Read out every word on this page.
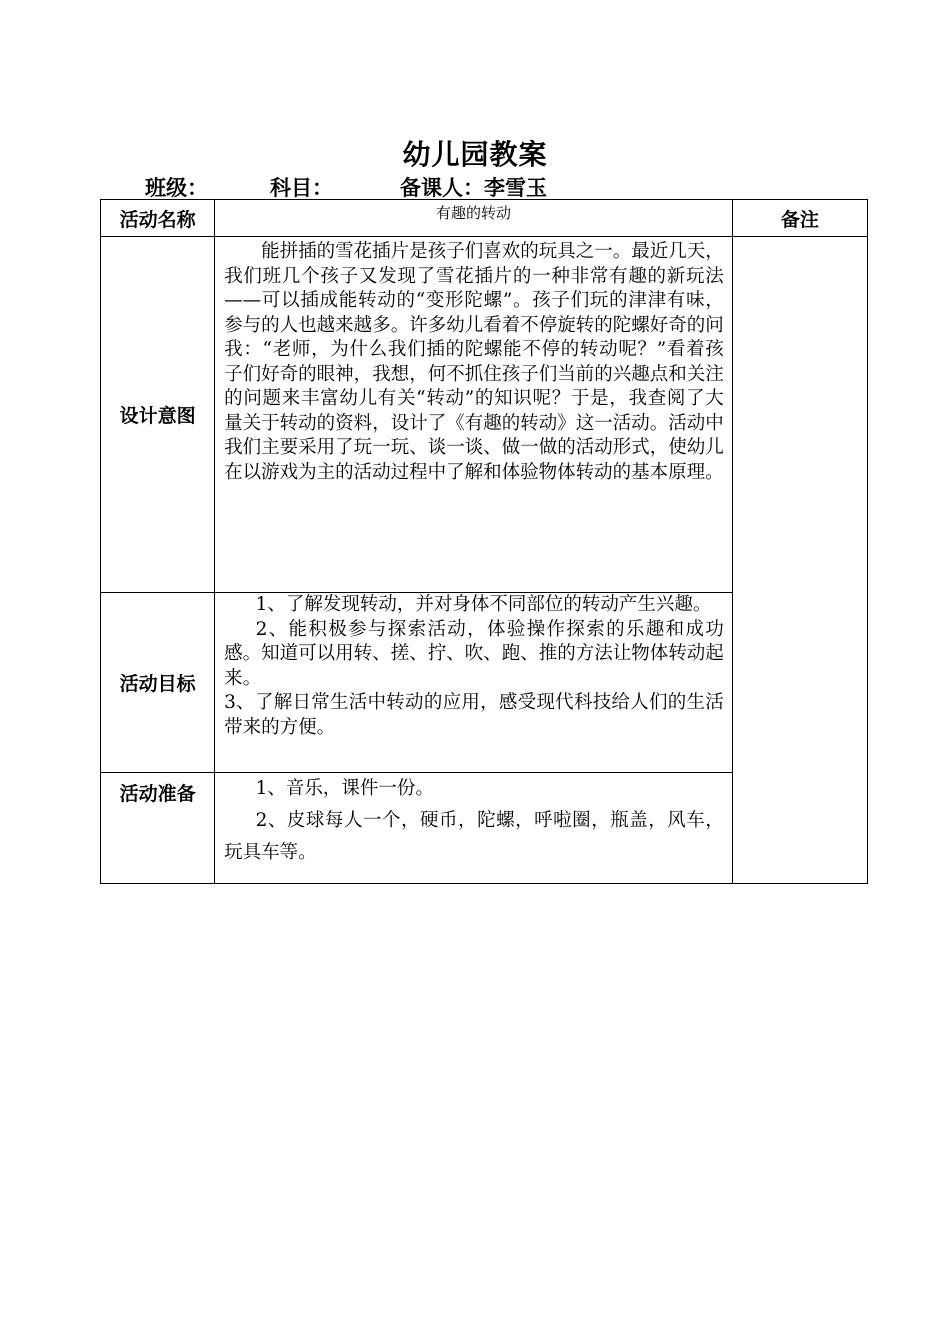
幼儿园教案
班级：	科目：	备课人：李雪玉
活动名称	有趣的转动	备注
设计意图	能拼插的雪花插片是孩子们喜欢的玩具之一。最近几天，我们班几个孩子又发现了雪花插片的一种非常有趣的新玩法——可以插成能转动的“变形陀螺”。孩子们玩的津津有味，参与的人也越来越多。许多幼儿看着不停旋转的陀螺好奇的问我：“老师，为什么我们插的陀螺能不停的转动呢？”看着孩子们好奇的眼神，我想，何不抓住孩子们当前的兴趣点和关注的问题来丰富幼儿有关“转动”的知识呢？于是，我查阅了大量关于转动的资料，设计了《有趣的转动》这一活动。活动中我们主要采用了玩一玩、谈一谈、做一做的活动形式，使幼儿在以游戏为主的活动过程中了解和体验物体转动的基本原理。	

活动目标	1、了解发现转动，并对身体不同部位的转动产生兴趣。

2、能积极参与探索活动，体验操作探索的乐趣和成功感。知道可以用转、搓、拧、吹、跑、推的方法让物体转动起来。

3、了解日常生活中转动的应用，感受现代科技给人们的生活带来的方便。	

活动准备	1、音乐，课件一份。

2、皮球每人一个，硬币，陀螺，呼啦圈，瓶盖，风车，玩具车等。	
